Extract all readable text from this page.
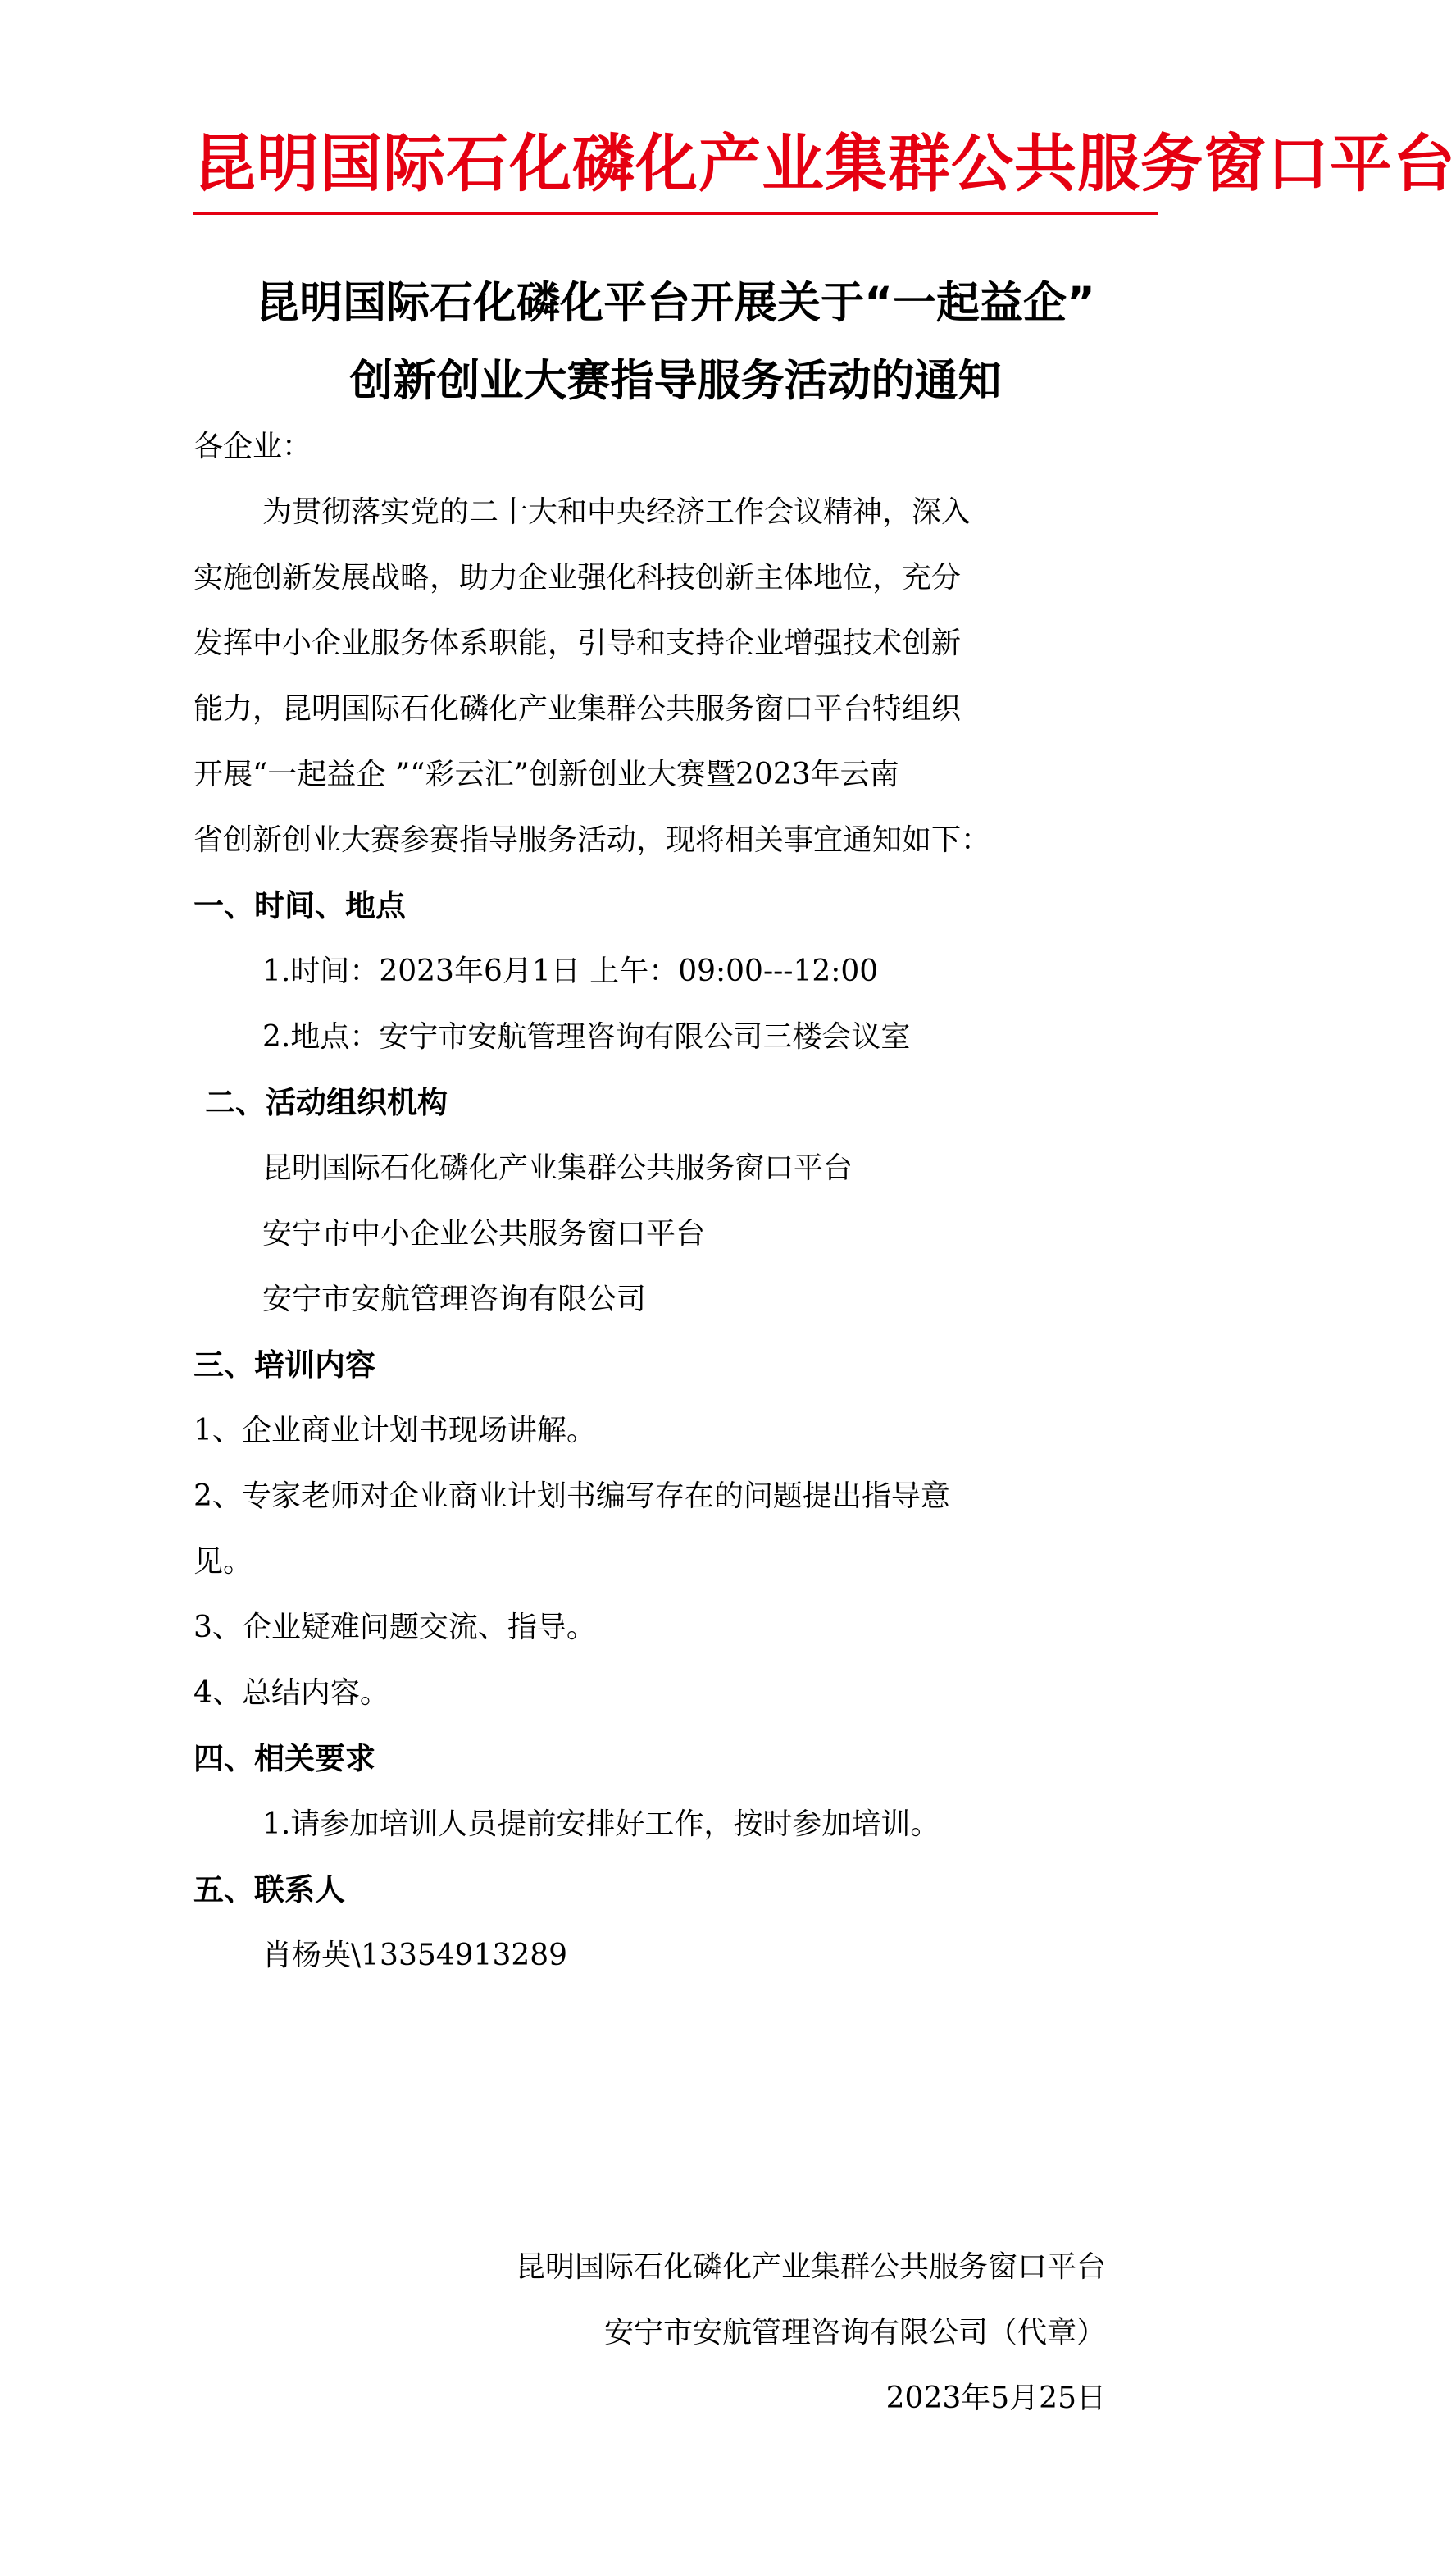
昆明国际石化磷化产业集群公共服务窗口平台
昆明国际石化磷化平台开展关于“一起益企”
创新创业大赛指导服务活动的通知
各企业：
为贯彻落实党的二十大和中央经济工作会议精神，深入
实施创新发展战略，助力企业强化科技创新主体地位，充分
发挥中小企业服务体系职能，引导和支持企业增强技术创新
能力，昆明国际石化磷化产业集群公共服务窗口平台特组织
开展“一起益企 ”“彩云汇”创新创业大赛暨2023年云南
省创新创业大赛参赛指导服务活动，现将相关事宜通知如下：
一、时间、地点
1.时间：2023年6月1日 上午：09:00---12:00
2.地点：安宁市安航管理咨询有限公司三楼会议室
二、活动组织机构
昆明国际石化磷化产业集群公共服务窗口平台
安宁市中小企业公共服务窗口平台
安宁市安航管理咨询有限公司
三、培训内容
1、企业商业计划书现场讲解。
2、专家老师对企业商业计划书编写存在的问题提出指导意
见。
3、企业疑难问题交流、指导。
4、总结内容。
四、相关要求
1.请参加培训人员提前安排好工作，按时参加培训。
五、联系人
肖杨英\13354913289
昆明国际石化磷化产业集群公共服务窗口平台
安宁市安航管理咨询有限公司（代章）
2023年5月25日
